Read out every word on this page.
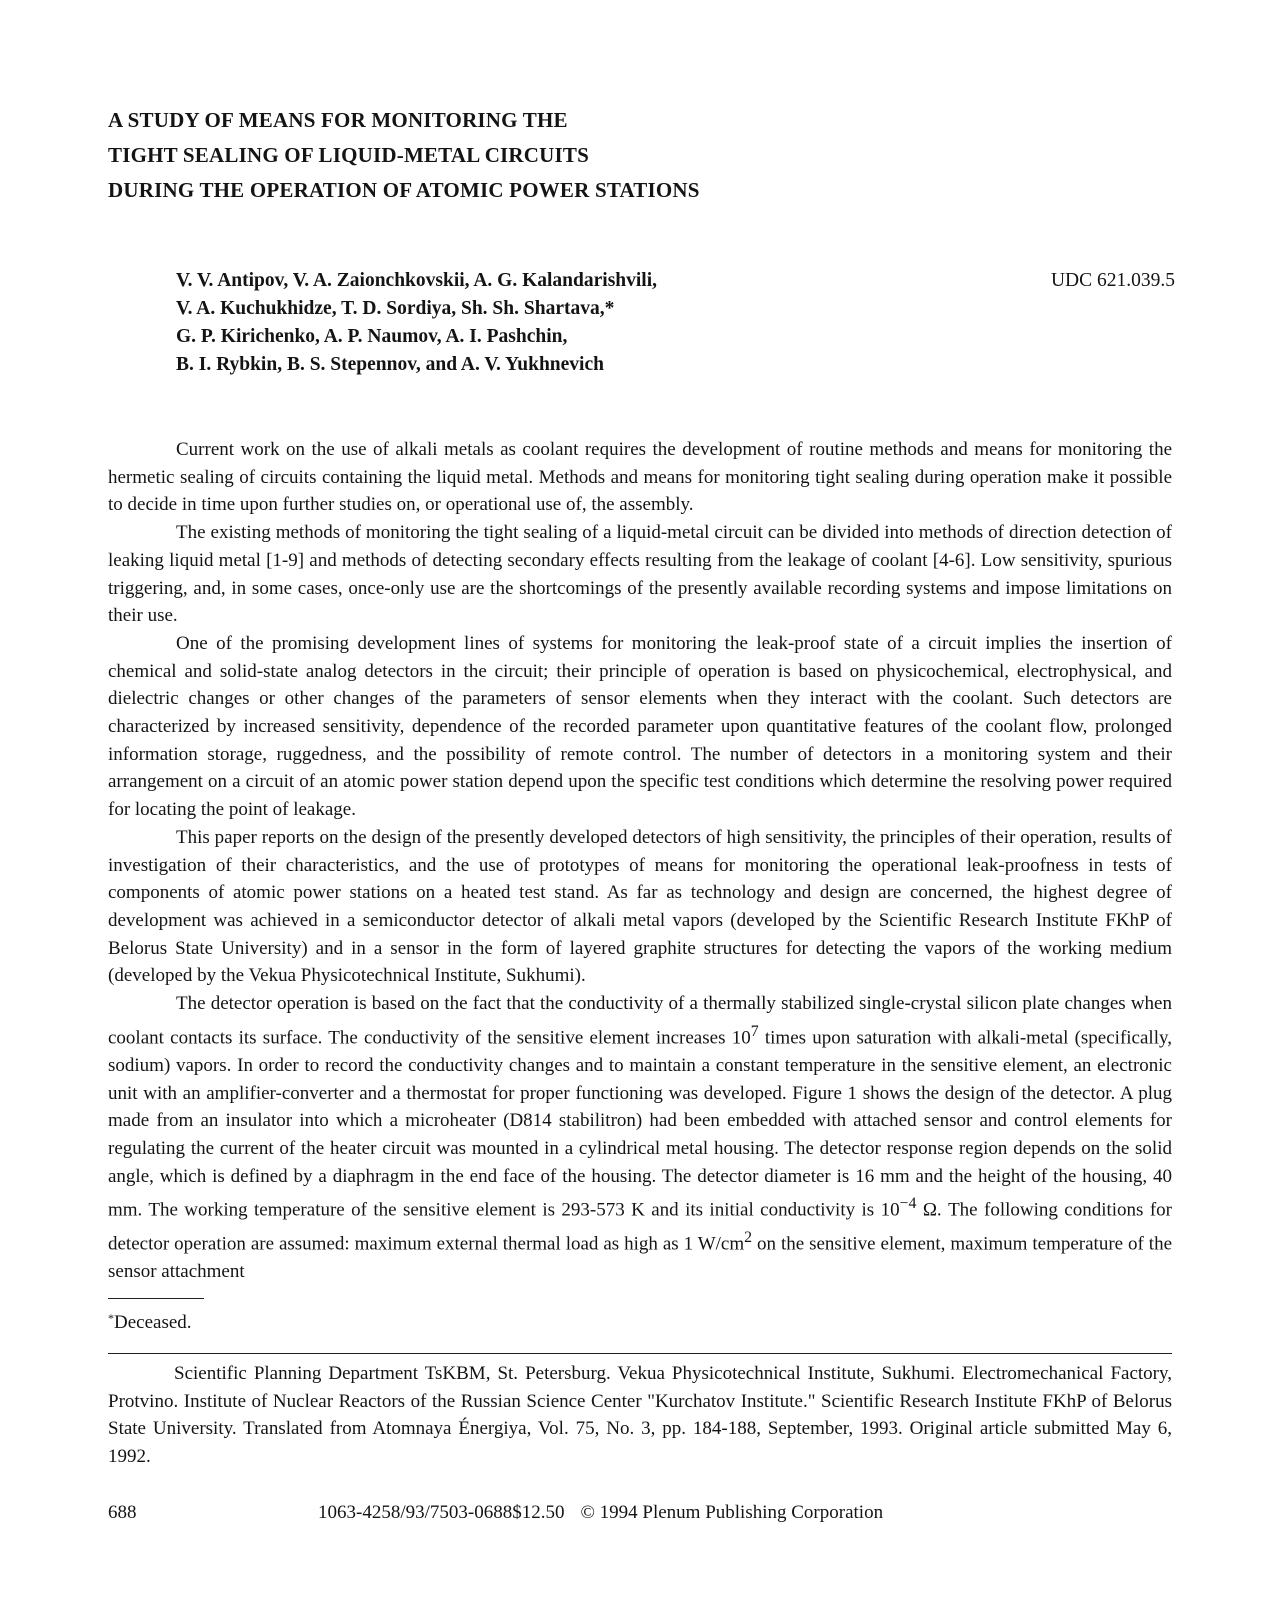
A STUDY OF MEANS FOR MONITORING THE
TIGHT SEALING OF LIQUID-METAL CIRCUITS
DURING THE OPERATION OF ATOMIC POWER STATIONS
V. V. Antipov, V. A. Zaionchkovskii, A. G. Kalandarishvili,
V. A. Kuchukhidze, T. D. Sordiya, Sh. Sh. Shartava,*
G. P. Kirichenko, A. P. Naumov, A. I. Pashchin,
B. I. Rybkin, B. S. Stepennov, and A. V. Yukhnevich
UDC 621.039.5

Current work on the use of alkali metals as coolant requires the development of routine methods and means for monitoring the hermetic sealing of circuits containing the liquid metal. Methods and means for monitoring tight sealing during operation make it possible to decide in time upon further studies on, or operational use of, the assembly.

The existing methods of monitoring the tight sealing of a liquid-metal circuit can be divided into methods of direction detection of leaking liquid metal [1-9] and methods of detecting secondary effects resulting from the leakage of coolant [4-6]. Low sensitivity, spurious triggering, and, in some cases, once-only use are the shortcomings of the presently available recording systems and impose limitations on their use.

One of the promising development lines of systems for monitoring the leak-proof state of a circuit implies the insertion of chemical and solid-state analog detectors in the circuit; their principle of operation is based on physicochemical, electrophysical, and dielectric changes or other changes of the parameters of sensor elements when they interact with the coolant. Such detectors are characterized by increased sensitivity, dependence of the recorded parameter upon quantitative features of the coolant flow, prolonged information storage, ruggedness, and the possibility of remote control. The number of detectors in a monitoring system and their arrangement on a circuit of an atomic power station depend upon the specific test conditions which determine the resolving power required for locating the point of leakage.

This paper reports on the design of the presently developed detectors of high sensitivity, the principles of their operation, results of investigation of their characteristics, and the use of prototypes of means for monitoring the operational leak-proofness in tests of components of atomic power stations on a heated test stand. As far as technology and design are concerned, the highest degree of development was achieved in a semiconductor detector of alkali metal vapors (developed by the Scientific Research Institute FKhP of Belorus State University) and in a sensor in the form of layered graphite structures for detecting the vapors of the working medium (developed by the Vekua Physicotechnical Institute, Sukhumi).

The detector operation is based on the fact that the conductivity of a thermally stabilized single-crystal silicon plate changes when coolant contacts its surface. The conductivity of the sensitive element increases $10^7$ times upon saturation with alkali-metal (specifically, sodium) vapors. In order to record the conductivity changes and to maintain a constant temperature in the sensitive element, an electronic unit with an amplifier-converter and a thermostat for proper functioning was developed. Figure 1 shows the design of the detector. A plug made from an insulator into which a microheater (D814 stabilitron) had been embedded with attached sensor and control elements for regulating the current of the heater circuit was mounted in a cylindrical metal housing. The detector response region depends on the solid angle, which is defined by a diaphragm in the end face of the housing. The detector diameter is 16 mm and the height of the housing, 40 mm. The working temperature of the sensitive element is 293-573 K and its initial conductivity is $10^{-4}$ Ω. The following conditions for detector operation are assumed: maximum external thermal load as high as 1 $W/cm^2$ on the sensitive element, maximum temperature of the sensor attachment

*Deceased.

Scientific Planning Department TsKBM, St. Petersburg. Vekua Physicotechnical Institute, Sukhumi. Electromechanical Factory, Protvino. Institute of Nuclear Reactors of the Russian Science Center "Kurchatov Institute." Scientific Research Institute FKhP of Belorus State University. Translated from Atomnaya Énergiya, Vol. 75, No. 3, pp. 184-188, September, 1993. Original article submitted May 6, 1992.

688	1063-4258/93/7503-0688$12.50 © 1994 Plenum Publishing Corporation
